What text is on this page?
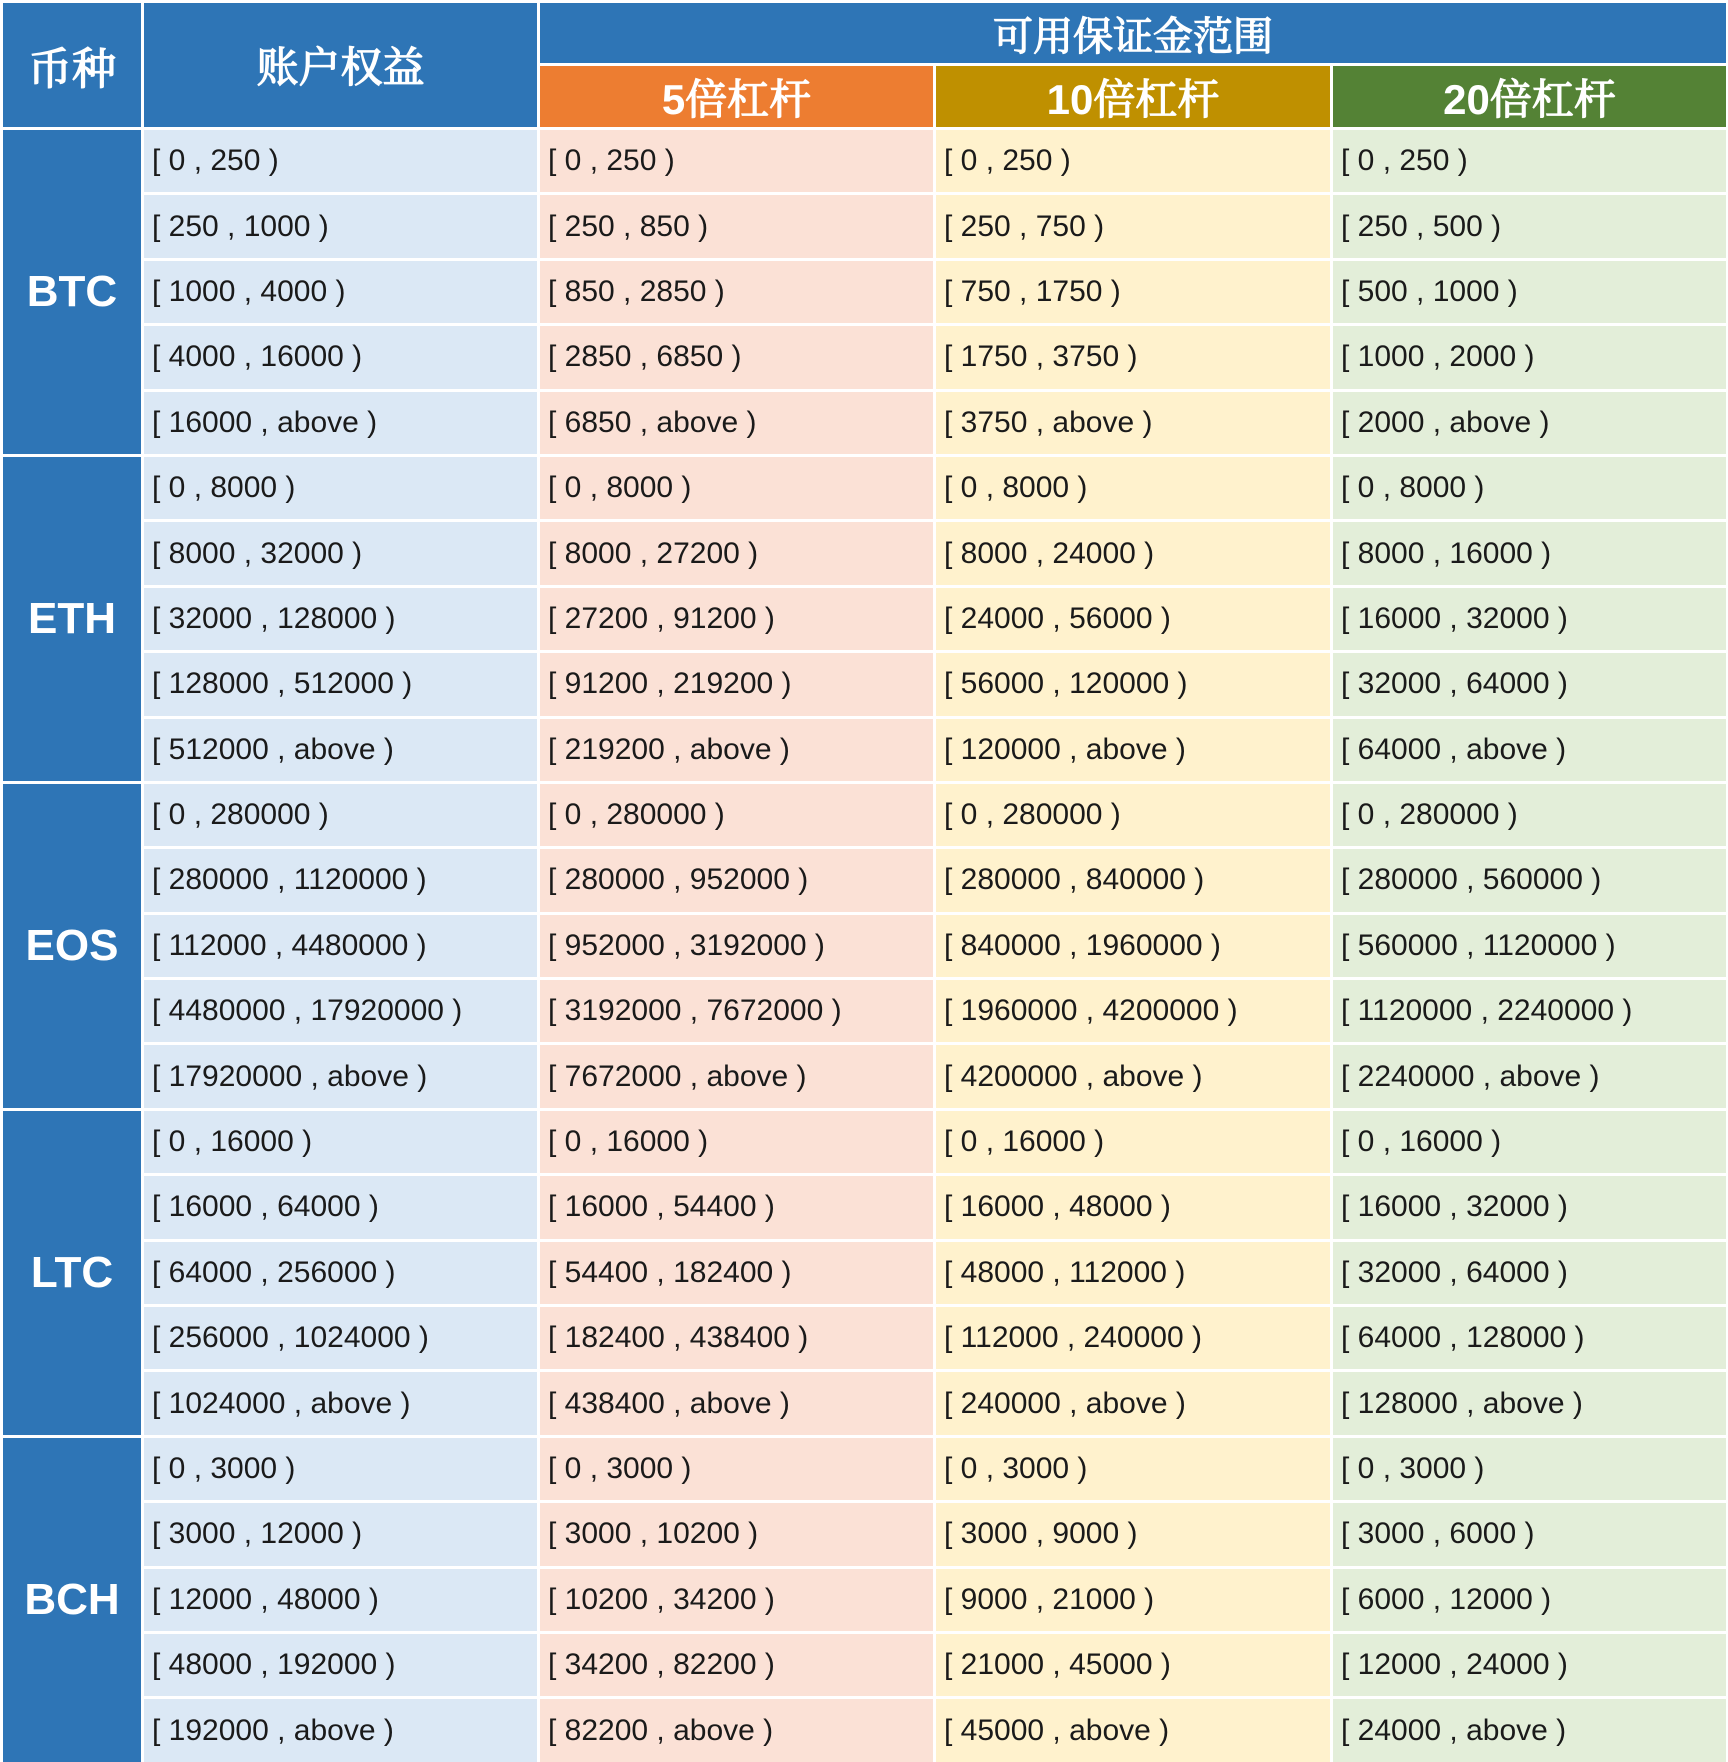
币种	账户权益
可用保证金范围
5倍杠杆	10倍杠杆	20倍杠杆
BTC
[ 0 , 250 )	[ 0 , 250 )	[ 0 , 250 )	[ 0 , 250 )
[ 250 , 1000 )	[ 250 , 850 )	[ 250 , 750 )	[ 250 , 500 )
[ 1000 , 4000 )	[ 850 , 2850 )	[ 750 , 1750 )	[ 500 , 1000 )
[ 4000 , 16000 )	[ 2850 , 6850 )	[ 1750 , 3750 )	[ 1000 , 2000 )
[ 16000 , above )	[ 6850 , above )	[ 3750 , above )	[ 2000 , above )
ETH
[ 0 , 8000 )	[ 0 , 8000 )	[ 0 , 8000 )	[ 0 , 8000 )
[ 8000 , 32000 )	[ 8000 , 27200 )	[ 8000 , 24000 )	[ 8000 , 16000 )
[ 32000 , 128000 )	[ 27200 , 91200 )	[ 24000 , 56000 )	[ 16000 , 32000 )
[ 128000 , 512000 )	[ 91200 , 219200 )	[ 56000 , 120000 )	[ 32000 , 64000 )
[ 512000 , above )	[ 219200 , above )	[ 120000 , above )	[ 64000 , above )
EOS
[ 0 , 280000 )	[ 0 , 280000 )	[ 0 , 280000 )	[ 0 , 280000 )
[ 280000 , 1120000 )	[ 280000 , 952000 )	[ 280000 , 840000 )	[ 280000 , 560000 )
[ 112000 , 4480000 )	[ 952000 , 3192000 )	[ 840000 , 1960000 )	[ 560000 , 1120000 )
[ 4480000 , 17920000 )	[ 3192000 , 7672000 )	[ 1960000 , 4200000 )	[ 1120000 , 2240000 )
[ 17920000 , above )	[ 7672000 , above )	[ 4200000 , above )	[ 2240000 , above )
LTC
[ 0 , 16000 )	[ 0 , 16000 )	[ 0 , 16000 )	[ 0 , 16000 )
[ 16000 , 64000 )	[ 16000 , 54400 )	[ 16000 , 48000 )	[ 16000 , 32000 )
[ 64000 , 256000 )	[ 54400 , 182400 )	[ 48000 , 112000 )	[ 32000 , 64000 )
[ 256000 , 1024000 )	[ 182400 , 438400 )	[ 112000 , 240000 )	[ 64000 , 128000 )
[ 1024000 , above )	[ 438400 , above )	[ 240000 , above )	[ 128000 , above )
BCH
[ 0 , 3000 )	[ 0 , 3000 )	[ 0 , 3000 )	[ 0 , 3000 )
[ 3000 , 12000 )	[ 3000 , 10200 )	[ 3000 , 9000 )	[ 3000 , 6000 )
[ 12000 , 48000 )	[ 10200 , 34200 )	[ 9000 , 21000 )	[ 6000 , 12000 )
[ 48000 , 192000 )	[ 34200 , 82200 )	[ 21000 , 45000 )	[ 12000 , 24000 )
[ 192000 , above )	[ 82200 , above )	[ 45000 , above )	[ 24000 , above )
